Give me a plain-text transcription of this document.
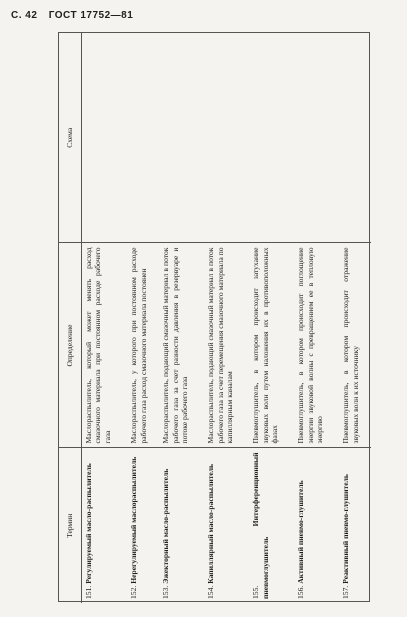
С. 42 ГОСТ 17752—81
Термин	Определение	Схема
151. Регулируемый масло-распылитель	Маслораспылитель, который может менять расход смазочного материала при постоянном расходе рабочего газа	
152. Нерегулируемый маслораспылитель	Маслораспылитель, у которого при постоянном расходе рабочего газа расход смазочного материала постоянен	
153. Эжекторный масло-распылитель	Маслораспылитель, подающий смазочный материал в поток рабочего газа за счет разности давления в резервуаре и потоке рабочего газа	
154. Капиллярный масло-распылитель	Маслораспылитель, подающий смазочный материал в поток рабочего газа за счет перемещения смазочного материала по капиллярным каналам	
155. Интерференционный пневмоглушитель	Пневмоглушитель, в котором происходит затухание звуковых волн путем наложения их в противоположных фазах	
156. Активный пневмо-глушитель	Пневмоглушитель, в котором происходит поглощение энергии звуковой волны с превращением ее в тепловую энергию	
157. Реактивный пневмо-глушитель	Пневмоглушитель, в котором происходит отражение звуковых волн к их источнику	
